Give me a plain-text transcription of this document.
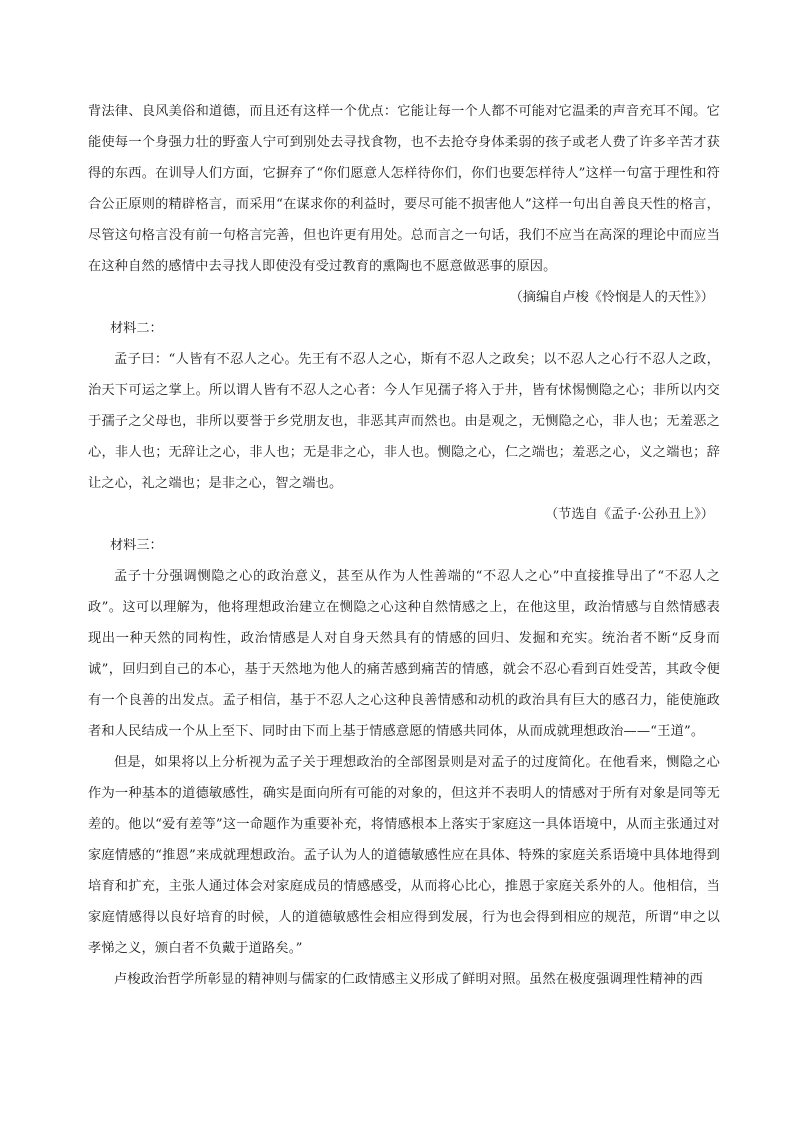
背法律、良风美俗和道德，而且还有这样一个优点：它能让每一个人都不可能对它温柔的声音充耳不闻。它能使每一个身强力壮的野蛮人宁可到别处去寻找食物，也不去抢夺身体柔弱的孩子或老人费了许多辛苦才获得的东西。在训导人们方面，它摒弃了“你们愿意人怎样待你们，你们也要怎样待人”这样一句富于理性和符合公正原则的精辟格言，而采用“在谋求你的利益时，要尽可能不损害他人”这样一句出自善良天性的格言，尽管这句格言没有前一句格言完善，但也许更有用处。总而言之一句话，我们不应当在高深的理论中而应当在这种自然的感情中去寻找人即使没有受过教育的熏陶也不愿意做恶事的原因。

（摘编自卢梭《怜悯是人的天性》）

材料二：

孟子曰：“人皆有不忍人之心。先王有不忍人之心，斯有不忍人之政矣；以不忍人之心行不忍人之政，治天下可运之掌上。所以谓人皆有不忍人之心者：今人乍见孺子将入于井，皆有怵惕恻隐之心；非所以内交于孺子之父母也，非所以要誉于乡党朋友也，非恶其声而然也。由是观之，无恻隐之心，非人也；无羞恶之心，非人也；无辞让之心，非人也；无是非之心，非人也。恻隐之心，仁之端也；羞恶之心，义之端也；辞让之心，礼之端也；是非之心，智之端也。

（节选自《孟子·公孙丑上》）

材料三：

孟子十分强调恻隐之心的政治意义，甚至从作为人性善端的“不忍人之心”中直接推导出了“不忍人之政”。这可以理解为，他将理想政治建立在恻隐之心这种自然情感之上，在他这里，政治情感与自然情感表现出一种天然的同构性，政治情感是人对自身天然具有的情感的回归、发掘和充实。统治者不断“反身而诚”，回归到自己的本心，基于天然地为他人的痛苦感到痛苦的情感，就会不忍心看到百姓受苦，其政令便有一个良善的出发点。孟子相信，基于不忍人之心这种良善情感和动机的政治具有巨大的感召力，能使施政者和人民结成一个从上至下、同时由下而上基于情感意愿的情感共同体，从而成就理想政治——“王道”。

但是，如果将以上分析视为孟子关于理想政治的全部图景则是对孟子的过度简化。在他看来，恻隐之心作为一种基本的道德敏感性，确实是面向所有可能的对象的，但这并不表明人的情感对于所有对象是同等无差的。他以“爱有差等”这一命题作为重要补充，将情感根本上落实于家庭这一具体语境中，从而主张通过对家庭情感的“推恩”来成就理想政治。孟子认为人的道德敏感性应在具体、特殊的家庭关系语境中具体地得到培育和扩充，主张人通过体会对家庭成员的情感感受，从而将心比心，推恩于家庭关系外的人。他相信，当家庭情感得以良好培育的时候，人的道德敏感性会相应得到发展，行为也会得到相应的规范，所谓“申之以孝悌之义，颁白者不负戴于道路矣。”

卢梭政治哲学所彰显的精神则与儒家的仁政情感主义形成了鲜明对照。虽然在极度强调理性精神的西
